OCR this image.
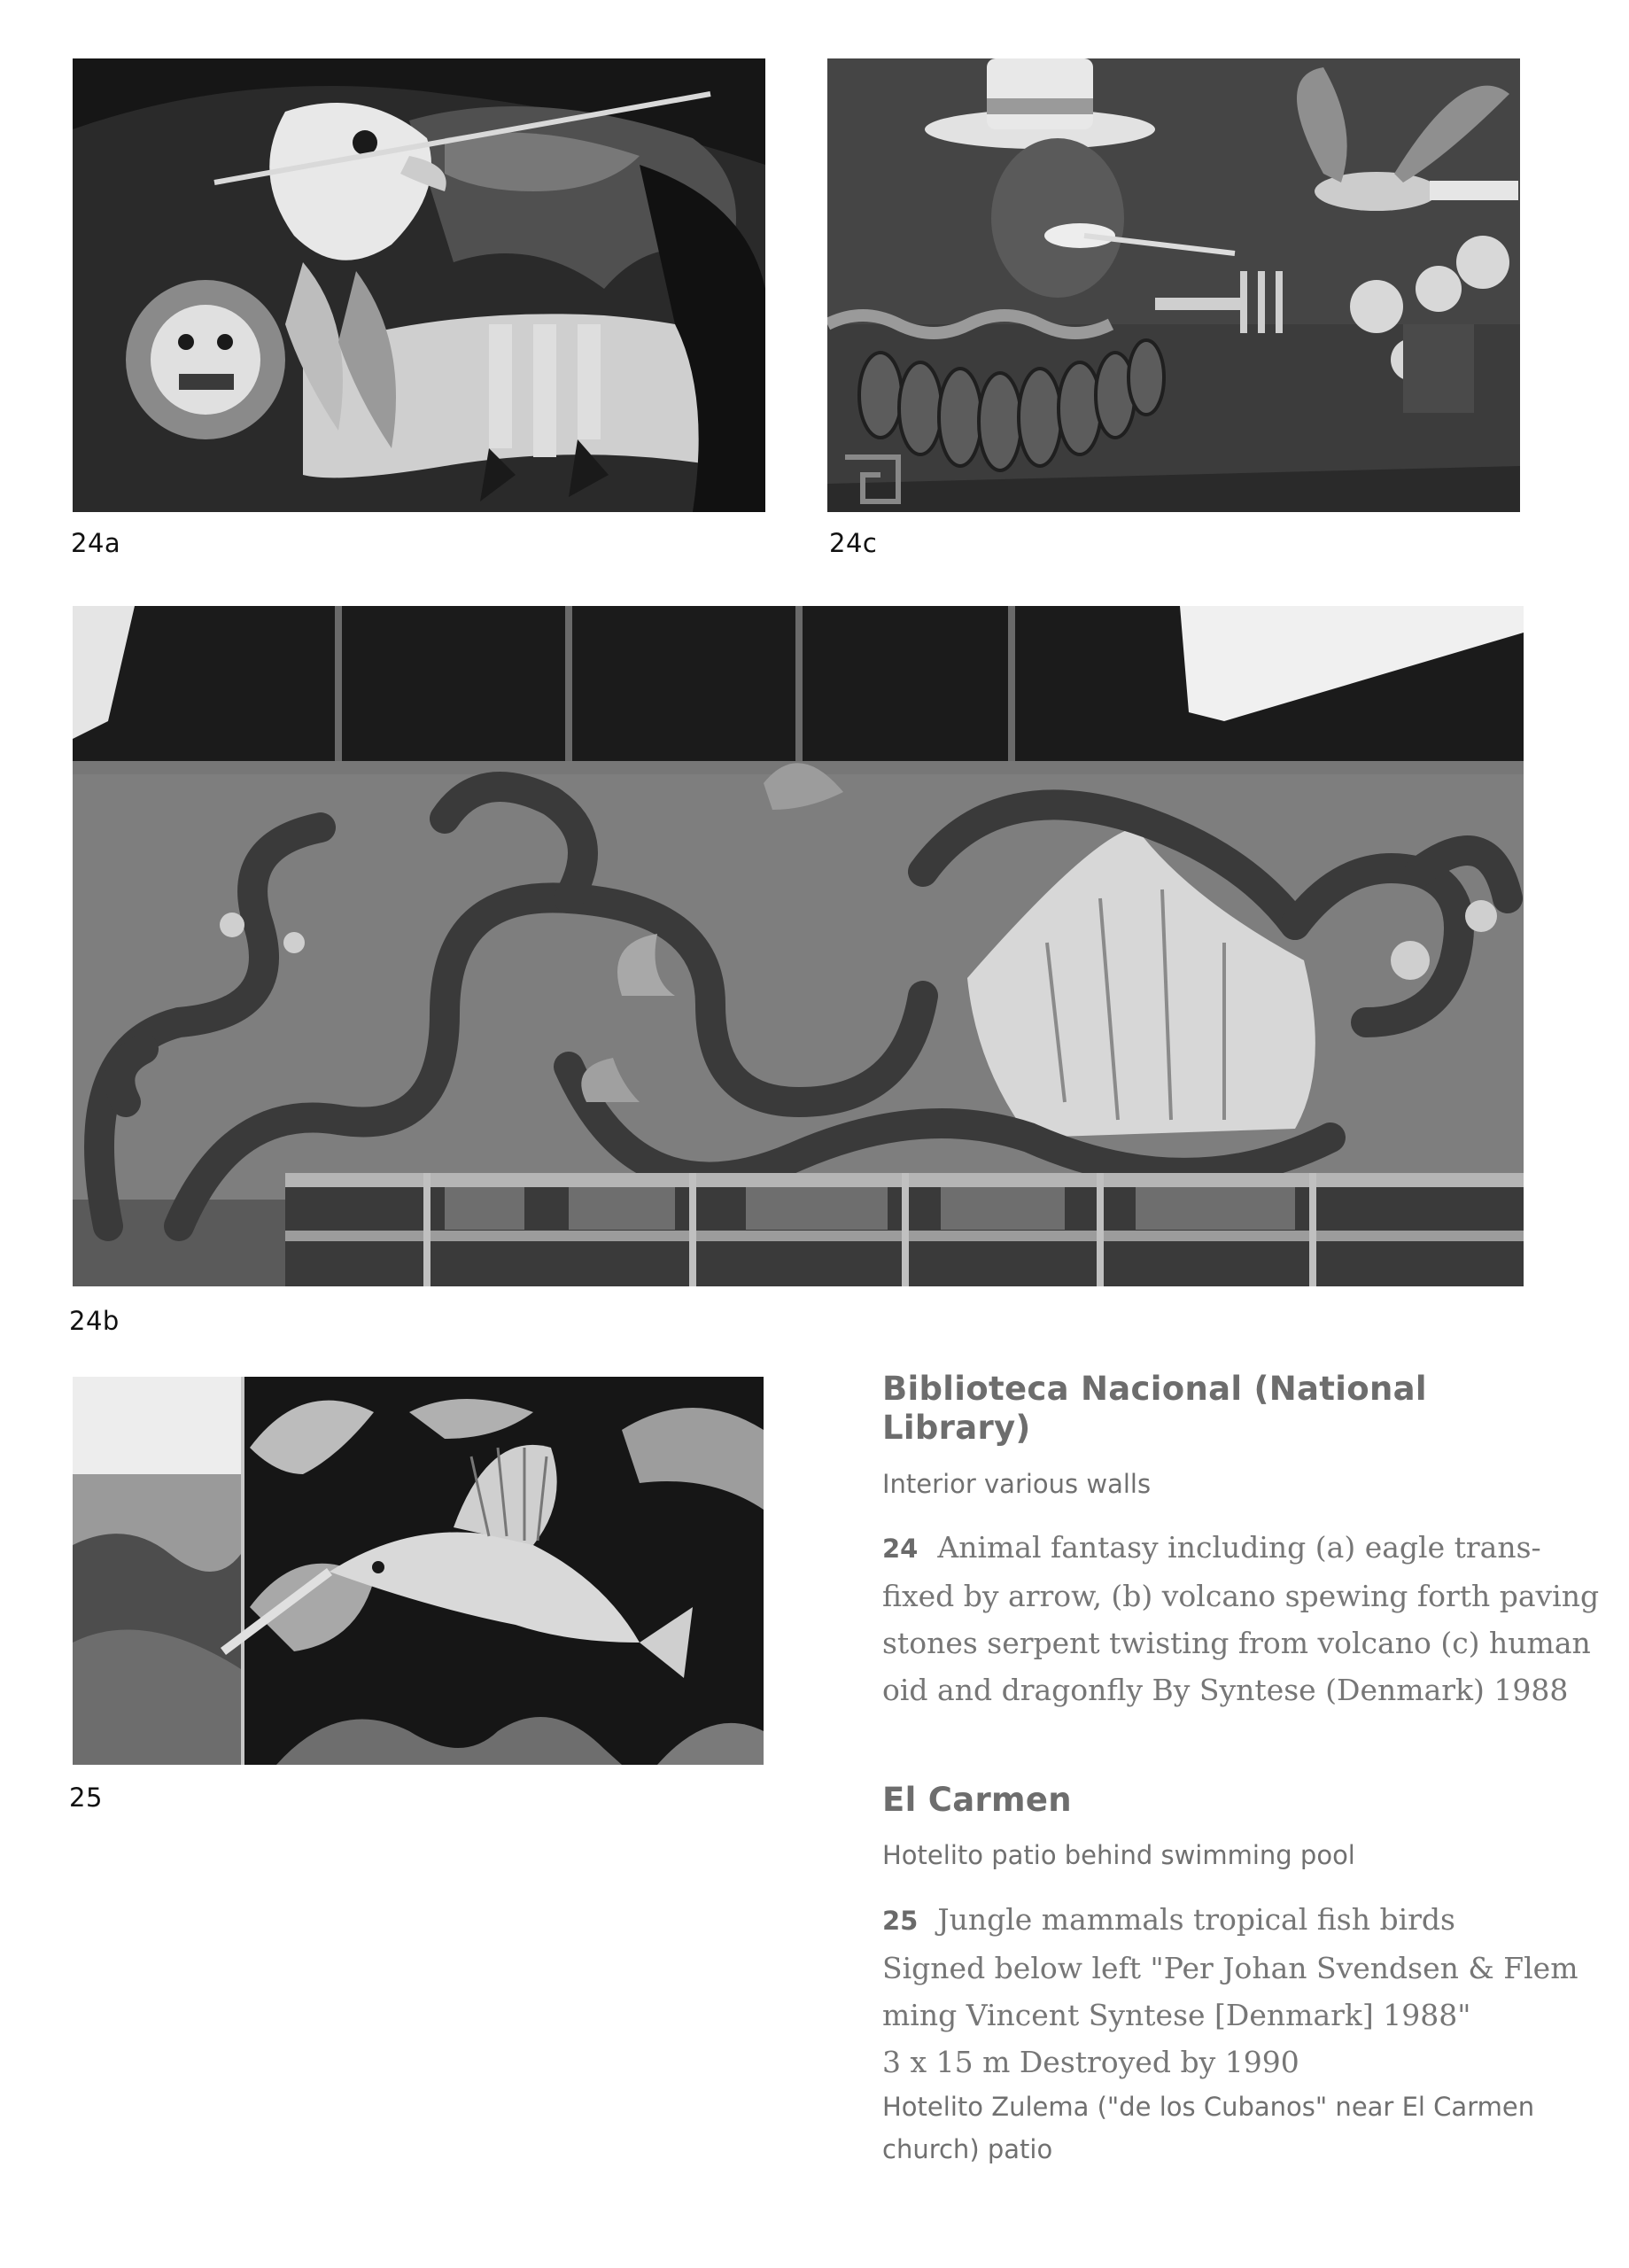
24a	24c
24b
25
Biblioteca Nacional (National Library)
Interior various walls
24 Animal fantasy including (a) eagle trans-
fixed by arrow, (b) volcano spewing forth paving
stones serpent twisting from volcano (c) human
oid and dragonfly By Syntese (Denmark) 1988
El Carmen
Hotelito patio behind swimming pool
25 Jungle mammals tropical fish birds
Signed below left "Per Johan Svendsen & Flem
ming Vincent Syntese [Denmark] 1988"
3 x 15 m Destroyed by 1990
Hotelito Zulema ("de los Cubanos" near El Carmen
church) patio
